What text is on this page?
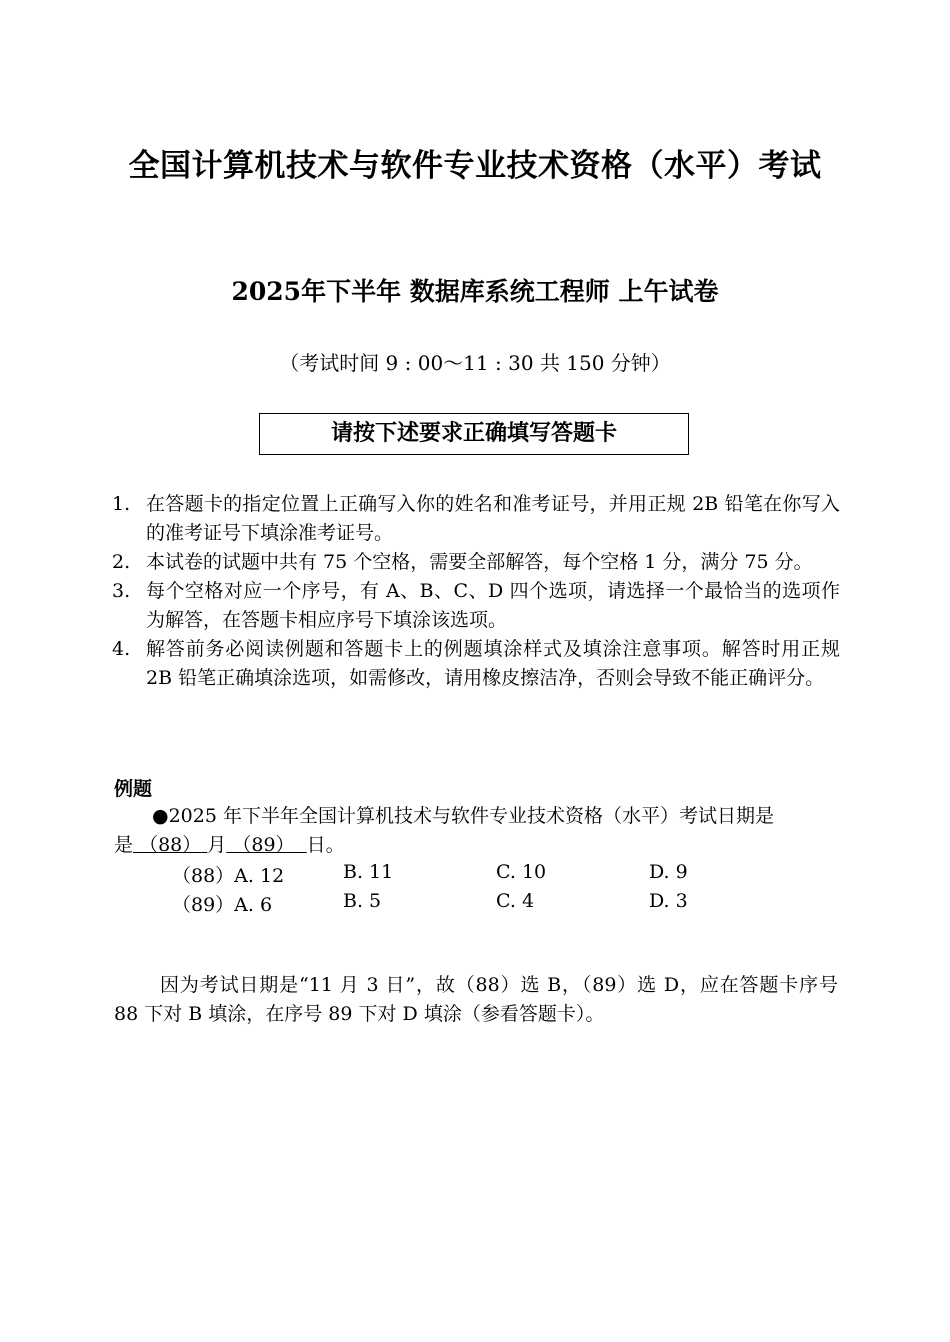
全国计算机技术与软件专业技术资格（水平）考试
2025年下半年 数据库系统工程师 上午试卷
（考试时间 9 : 00～11 : 30 共 150 分钟）
请按下述要求正确填写答题卡
1. 在答题卡的指定位置上正确写入你的姓名和准考证号，并用正规 2B 铅笔在你写入的准考证号下填涂准考证号。
2. 本试卷的试题中共有 75 个空格，需要全部解答，每个空格 1 分，满分 75 分。
3. 每个空格对应一个序号，有 A、B、C、D 四个选项，请选择一个最恰当的选项作为解答，在答题卡相应序号下填涂该选项。
4. 解答前务必阅读例题和答题卡上的例题填涂样式及填涂注意事项。解答时用正规 2B 铅笔正确填涂选项，如需修改，请用橡皮擦洁净，否则会导致不能正确评分。
例题
●2025 年下半年全国计算机技术与软件专业技术资格（水平）考试日期是
是 （88） 月 （89） 日。
（88）A. 12	B. 11	C. 10	D. 9
（89）A. 6	B. 5	C. 4	D. 3
因为考试日期是“11 月 3 日”，故（88）选 B，（89）选 D，应在答题卡序号 88 下对 B 填涂，在序号 89 下对 D 填涂（参看答题卡）。
